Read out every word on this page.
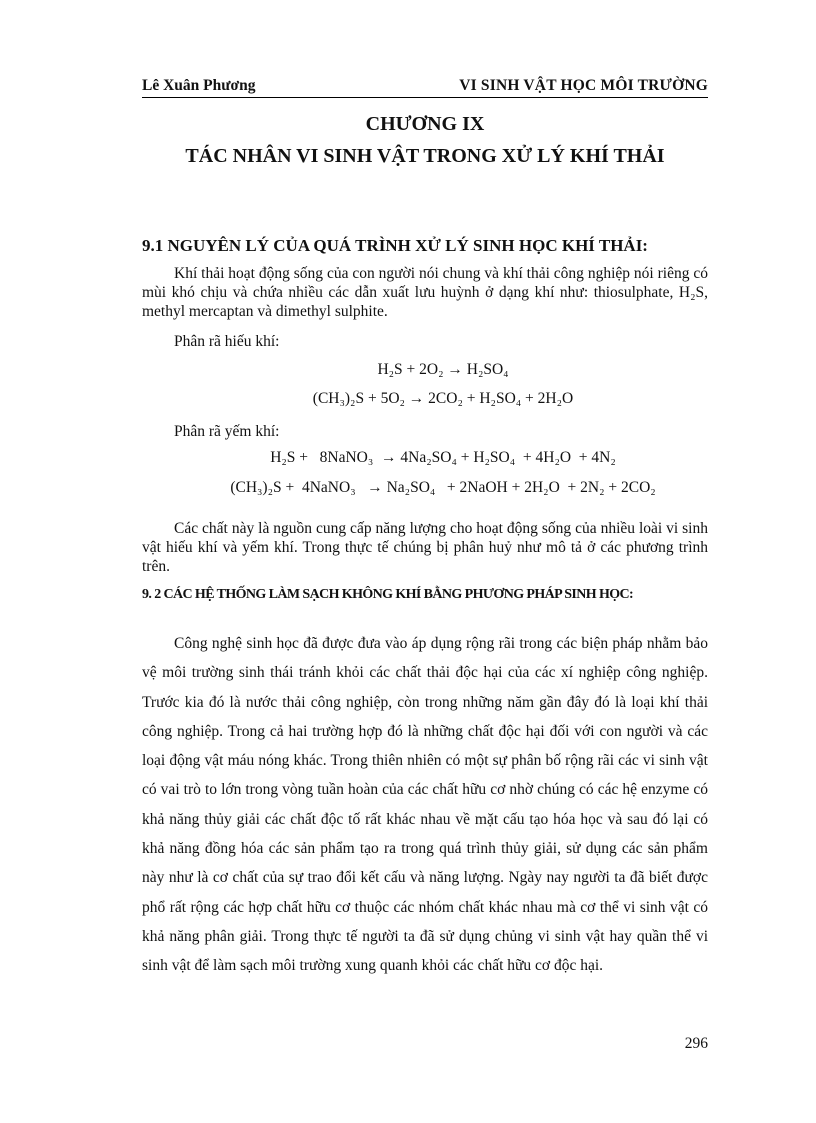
Lê Xuân Phương	VI SINH VẬT HỌC MÔI TRƯỜNG
CHƯƠNG IX
TÁC NHÂN VI SINH VẬT TRONG XỬ LÝ KHÍ THẢI
9.1 NGUYÊN LÝ CỦA QUÁ TRÌNH XỬ LÝ SINH HỌC KHÍ THẢI:

Khí thải hoạt động sống của con người nói chung và khí thải công nghiệp nói riêng có mùi khó chịu và chứa nhiều các dẫn xuất lưu huỳnh ở dạng khí như: thiosulphate, H₂S, methyl mercaptan và dimethyl sulphite.

Phân rã hiếu khí:
H₂S + 2O₂ → H₂SO₄
(CH₃)₂S + 5O₂ → 2CO₂ + H₂SO₄ + 2H₂O
Phân rã yếm khí:
H₂S +   8NaNO₃  → 4Na₂SO₄ + H₂SO₄  + 4H₂O  + 4N₂
(CH₃)₂S +  4NaNO₃   → Na₂SO₄   + 2NaOH + 2H₂O  + 2N₂ + 2CO₂

Các chất này là nguồn cung cấp năng lượng cho hoạt động sống của nhiều loài vi sinh vật hiếu khí và yếm khí. Trong thực tế chúng bị phân huỷ như mô tả ở các phương trình trên.

9. 2 CÁC HỆ THỐNG LÀM SẠCH KHÔNG KHÍ BẰNG PHƯƠNG PHÁP SINH HỌC:

Công nghệ sinh học đã được đưa vào áp dụng rộng rãi trong các biện pháp nhằm bảo vệ môi trường sinh thái tránh khỏi các chất thải độc hại của các xí nghiệp công nghiệp. Trước kia đó là nước thải công nghiệp, còn trong những năm gần đây đó là loại khí thải công nghiệp. Trong cả hai trường hợp đó là những chất độc hại đối với con người và các loại động vật máu nóng khác. Trong thiên nhiên có một sự phân bố rộng rãi các vi sinh vật có vai trò to lớn trong vòng tuần hoàn của các chất hữu cơ nhờ chúng có các hệ enzyme có khả năng thủy giải các chất độc tố rất khác nhau về mặt cấu tạo hóa học và sau đó lại có khả năng đồng hóa các sản phẩm tạo ra trong quá trình thủy giải, sử dụng các sản phẩm này như là cơ chất của sự trao đổi kết cấu và năng lượng. Ngày nay người ta đã biết được phổ rất rộng các hợp chất hữu cơ thuộc các nhóm chất khác nhau mà cơ thể vi sinh vật có khả năng phân giải. Trong thực tế người ta đã sử dụng chủng vi sinh vật hay quần thể vi sinh vật để làm sạch môi trường xung quanh khỏi các chất hữu cơ độc hại.

296
